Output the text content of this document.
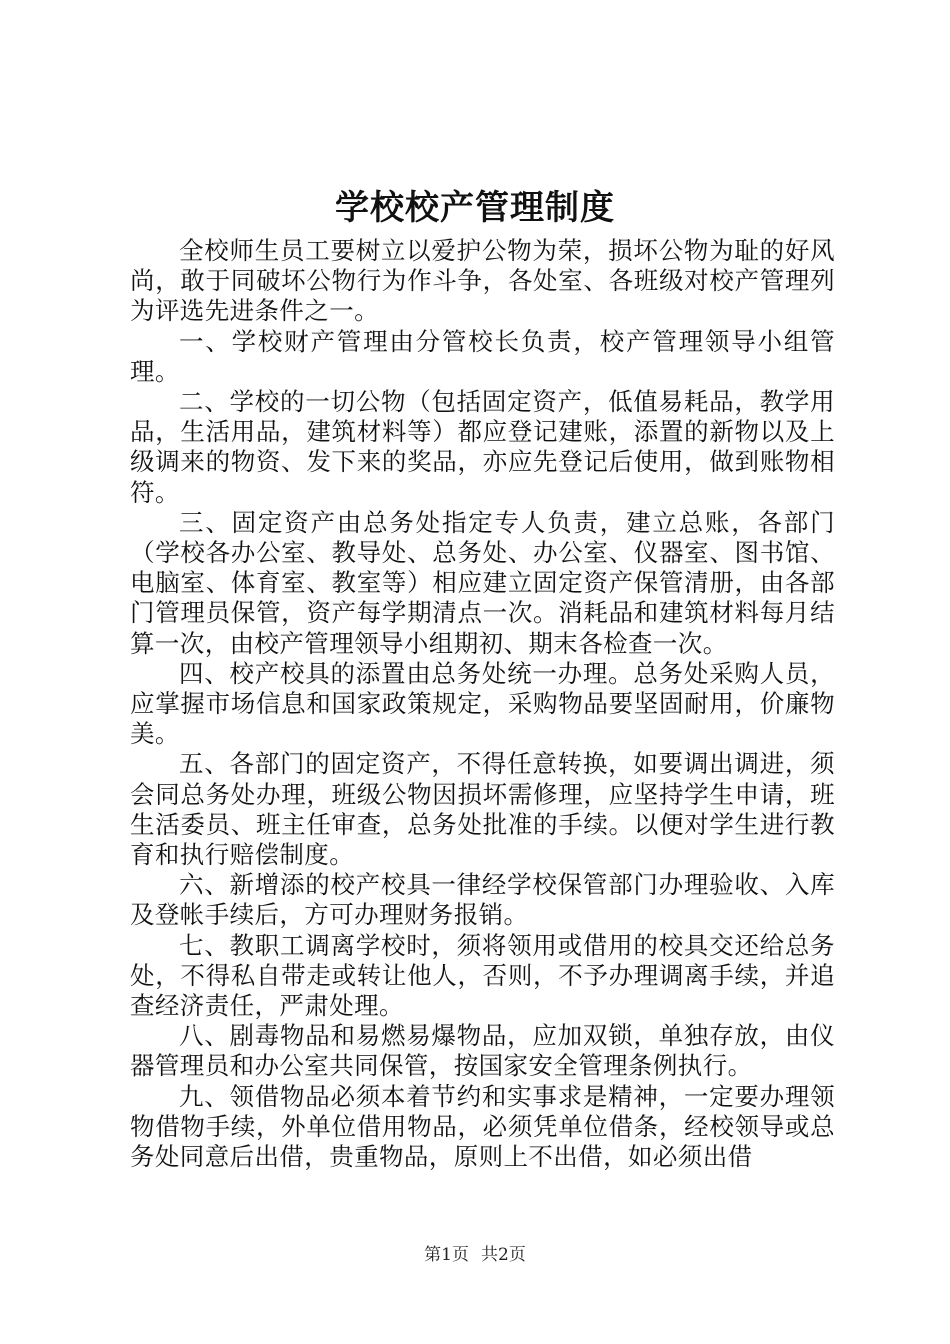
学校校产管理制度

全校师生员工要树立以爱护公物为荣，损坏公物为耻的好风尚，敢于同破坏公物行为作斗争，各处室、各班级对校产管理列为评选先进条件之一。

一、学校财产管理由分管校长负责，校产管理领导小组管理。

二、学校的一切公物（包括固定资产，低值易耗品，教学用品，生活用品，建筑材料等）都应登记建账，添置的新物以及上级调来的物资、发下来的奖品，亦应先登记后使用，做到账物相符。

三、固定资产由总务处指定专人负责，建立总账，各部门（学校各办公室、教导处、总务处、办公室、仪器室、图书馆、电脑室、体育室、教室等）相应建立固定资产保管清册，由各部门管理员保管，资产每学期清点一次。消耗品和建筑材料每月结算一次，由校产管理领导小组期初、期末各检查一次。

四、校产校具的添置由总务处统一办理。总务处采购人员，应掌握市场信息和国家政策规定，采购物品要坚固耐用，价廉物美。

五、各部门的固定资产，不得任意转换，如要调出调进，须会同总务处办理，班级公物因损坏需修理，应坚持学生申请，班生活委员、班主任审查，总务处批准的手续。以便对学生进行教育和执行赔偿制度。

六、新增添的校产校具一律经学校保管部门办理验收、入库及登帐手续后，方可办理财务报销。

七、教职工调离学校时，须将领用或借用的校具交还给总务处，不得私自带走或转让他人，否则，不予办理调离手续，并追查经济责任，严肃处理。

八、剧毒物品和易燃易爆物品，应加双锁，单独存放，由仪器管理员和办公室共同保管，按国家安全管理条例执行。

九、领借物品必须本着节约和实事求是精神，一定要办理领物借物手续，外单位借用物品，必须凭单位借条，经校领导或总务处同意后出借，贵重物品，原则上不出借，如必须出借

第1页 共2页
